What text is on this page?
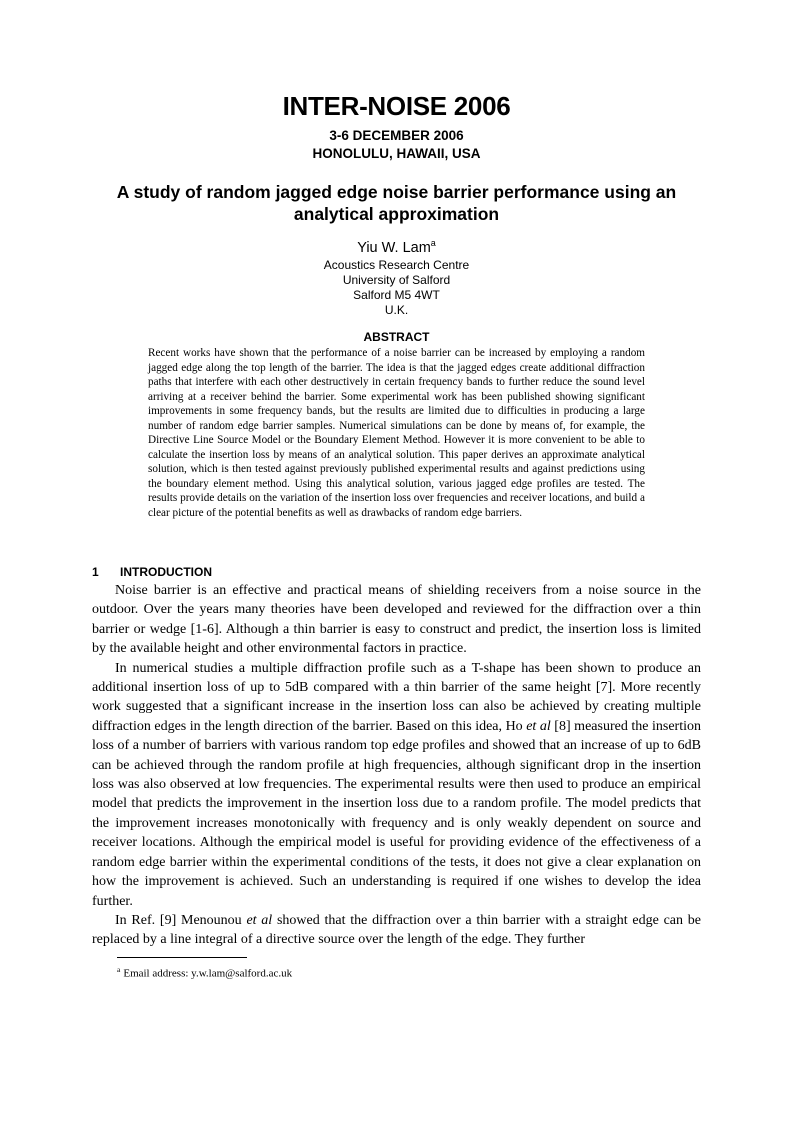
INTER-NOISE 2006
3-6 DECEMBER 2006
HONOLULU, HAWAII, USA
A study of random jagged edge noise barrier performance using an analytical approximation
Yiu W. Lam$^a$
Acoustics Research Centre
University of Salford
Salford M5 4WT
U.K.
ABSTRACT

Recent works have shown that the performance of a noise barrier can be increased by employing a random jagged edge along the top length of the barrier. The idea is that the jagged edges create additional diffraction paths that interfere with each other destructively in certain frequency bands to further reduce the sound level arriving at a receiver behind the barrier. Some experimental work has been published showing significant improvements in some frequency bands, but the results are limited due to difficulties in producing a large number of random edge barrier samples. Numerical simulations can be done by means of, for example, the Directive Line Source Model or the Boundary Element Method. However it is more convenient to be able to calculate the insertion loss by means of an analytical solution. This paper derives an approximate analytical solution, which is then tested against previously published experimental results and against predictions using the boundary element method. Using this analytical solution, various jagged edge profiles are tested. The results provide details on the variation of the insertion loss over frequencies and receiver locations, and build a clear picture of the potential benefits as well as drawbacks of random edge barriers.

1 INTRODUCTION

Noise barrier is an effective and practical means of shielding receivers from a noise source in the outdoor. Over the years many theories have been developed and reviewed for the diffraction over a thin barrier or wedge [1-6]. Although a thin barrier is easy to construct and predict, the insertion loss is limited by the available height and other environmental factors in practice.

In numerical studies a multiple diffraction profile such as a T-shape has been shown to produce an additional insertion loss of up to 5dB compared with a thin barrier of the same height [7]. More recently work suggested that a significant increase in the insertion loss can also be achieved by creating multiple diffraction edges in the length direction of the barrier. Based on this idea, Ho et al [8] measured the insertion loss of a number of barriers with various random top edge profiles and showed that an increase of up to 6dB can be achieved through the random profile at high frequencies, although significant drop in the insertion loss was also observed at low frequencies. The experimental results were then used to produce an empirical model that predicts the improvement in the insertion loss due to a random profile. The model predicts that the improvement increases monotonically with frequency and is only weakly dependent on source and receiver locations. Although the empirical model is useful for providing evidence of the effectiveness of a random edge barrier within the experimental conditions of the tests, it does not give a clear explanation on how the improvement is achieved. Such an understanding is required if one wishes to develop the idea further.

In Ref. [9] Menounou et al showed that the diffraction over a thin barrier with a straight edge can be replaced by a line integral of a directive source over the length of the edge. They further

$^a$ Email address: y.w.lam@salford.ac.uk
